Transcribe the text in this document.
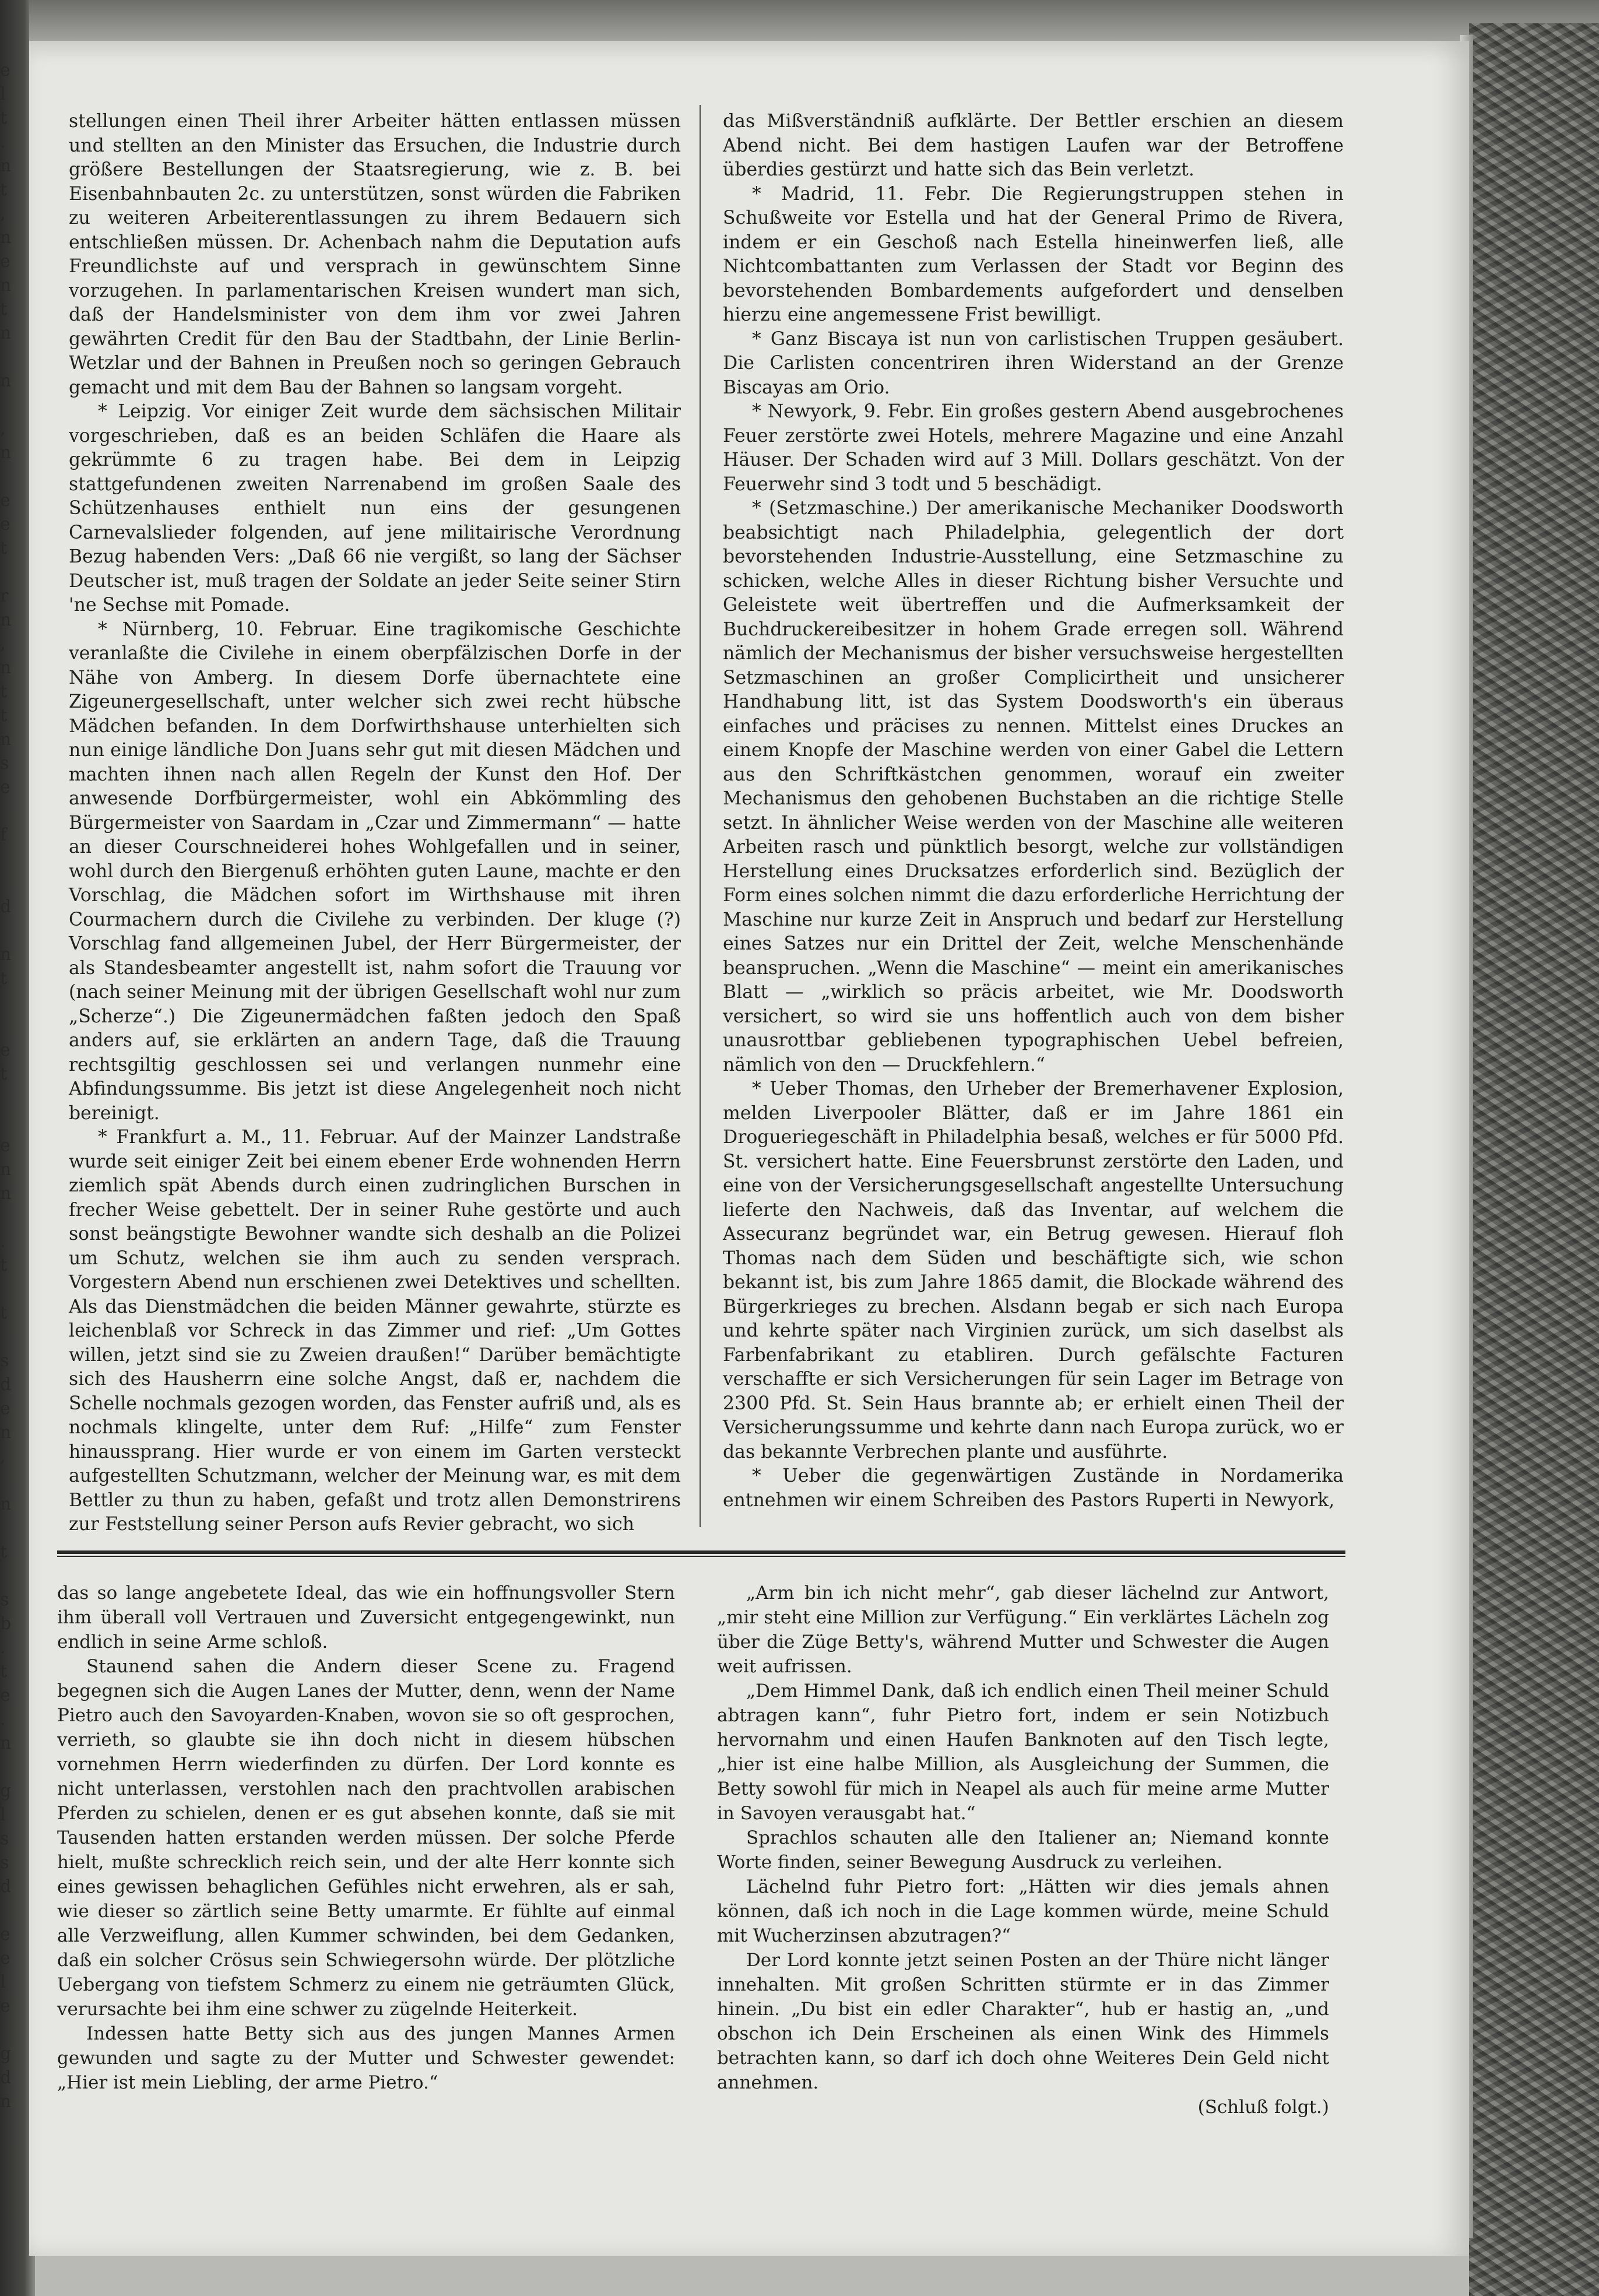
e
l
t
.
n
t
,
n
e
n
t
n

n

,
n

e
e
t

r
n
,
n
t
t
n
s
e

f

d

n
t

e
t

e
n
n

.
t

t

s
d
e
n
,

n

t

s
b
.
t
e
.
n

g
l
s
s
d

e
e
l
e

g
d
n

stellungen einen Theil ihrer Arbeiter hätten entlassen müssen und stellten an den Minister das Ersuchen, die Industrie durch größere Bestellungen der Staatsregierung, wie z. B. bei Eisenbahnbauten 2c. zu unterstützen, sonst würden die Fabriken zu weiteren Arbeiterentlassungen zu ihrem Bedauern sich entschließen müssen. Dr. Achenbach nahm die Deputation aufs Freundlichste auf und versprach in gewünschtem Sinne vorzugehen. In parlamentarischen Kreisen wundert man sich, daß der Handelsminister von dem ihm vor zwei Jahren gewährten Credit für den Bau der Stadtbahn, der Linie Berlin-Wetzlar und der Bahnen in Preußen noch so geringen Gebrauch gemacht und mit dem Bau der Bahnen so langsam vorgeht.

* Leipzig. Vor einiger Zeit wurde dem sächsischen Militair vorgeschrieben, daß es an beiden Schläfen die Haare als gekrümmte 6 zu tragen habe. Bei dem in Leipzig stattgefundenen zweiten Narrenabend im großen Saale des Schützenhauses enthielt nun eins der gesungenen Carnevalslieder folgenden, auf jene militairische Verordnung Bezug habenden Vers: „Daß 66 nie vergißt, so lang der Sächser Deutscher ist, muß tragen der Soldate an jeder Seite seiner Stirn 'ne Sechse mit Pomade.

* Nürnberg, 10. Februar. Eine tragikomische Geschichte veranlaßte die Civilehe in einem oberpfälzischen Dorfe in der Nähe von Amberg. In diesem Dorfe übernachtete eine Zigeunergesellschaft, unter welcher sich zwei recht hübsche Mädchen befanden. In dem Dorfwirthshause unterhielten sich nun einige ländliche Don Juans sehr gut mit diesen Mädchen und machten ihnen nach allen Regeln der Kunst den Hof. Der anwesende Dorfbürgermeister, wohl ein Abkömmling des Bürgermeister von Saardam in „Czar und Zimmermann“ — hatte an dieser Courschneiderei hohes Wohlgefallen und in seiner, wohl durch den Biergenuß erhöhten guten Laune, machte er den Vorschlag, die Mädchen sofort im Wirthshause mit ihren Courmachern durch die Civilehe zu verbinden. Der kluge (?) Vorschlag fand allgemeinen Jubel, der Herr Bürgermeister, der als Standesbeamter angestellt ist, nahm sofort die Trauung vor (nach seiner Meinung mit der übrigen Gesellschaft wohl nur zum „Scherze“.) Die Zigeunermädchen faßten jedoch den Spaß anders auf, sie erklärten an andern Tage, daß die Trauung rechtsgiltig geschlossen sei und verlangen nunmehr eine Abfindungssumme. Bis jetzt ist diese Angelegenheit noch nicht bereinigt.

* Frankfurt a. M., 11. Februar. Auf der Mainzer Landstraße wurde seit einiger Zeit bei einem ebener Erde wohnenden Herrn ziemlich spät Abends durch einen zudringlichen Burschen in frecher Weise gebettelt. Der in seiner Ruhe gestörte und auch sonst beängstigte Bewohner wandte sich deshalb an die Polizei um Schutz, welchen sie ihm auch zu senden versprach. Vorgestern Abend nun erschienen zwei Detektives und schellten. Als das Dienstmädchen die beiden Männer gewahrte, stürzte es leichenblaß vor Schreck in das Zimmer und rief: „Um Gottes willen, jetzt sind sie zu Zweien draußen!“ Darüber bemächtigte sich des Hausherrn eine solche Angst, daß er, nachdem die Schelle nochmals gezogen worden, das Fenster aufriß und, als es nochmals klingelte, unter dem Ruf: „Hilfe“ zum Fenster hinaussprang. Hier wurde er von einem im Garten versteckt aufgestellten Schutzmann, welcher der Meinung war, es mit dem Bettler zu thun zu haben, gefaßt und trotz allen Demonstrirens zur Feststellung seiner Person aufs Revier gebracht, wo sich

das Mißverständniß aufklärte. Der Bettler erschien an diesem Abend nicht. Bei dem hastigen Laufen war der Betroffene überdies gestürzt und hatte sich das Bein verletzt.

* Madrid, 11. Febr. Die Regierungstruppen stehen in Schußweite vor Estella und hat der General Primo de Rivera, indem er ein Geschoß nach Estella hineinwerfen ließ, alle Nichtcombattanten zum Verlassen der Stadt vor Beginn des bevorstehenden Bombardements aufgefordert und denselben hierzu eine angemessene Frist bewilligt.

* Ganz Biscaya ist nun von carlistischen Truppen gesäubert. Die Carlisten concentriren ihren Widerstand an der Grenze Biscayas am Orio.

* Newyork, 9. Febr. Ein großes gestern Abend ausgebrochenes Feuer zerstörte zwei Hotels, mehrere Magazine und eine Anzahl Häuser. Der Schaden wird auf 3 Mill. Dollars geschätzt. Von der Feuerwehr sind 3 todt und 5 beschädigt.

* (Setzmaschine.) Der amerikanische Mechaniker Doodsworth beabsichtigt nach Philadelphia, gelegentlich der dort bevorstehenden Industrie-Ausstellung, eine Setzmaschine zu schicken, welche Alles in dieser Richtung bisher Versuchte und Geleistete weit übertreffen und die Aufmerksamkeit der Buchdruckereibesitzer in hohem Grade erregen soll. Während nämlich der Mechanismus der bisher versuchsweise hergestellten Setzmaschinen an großer Complicirtheit und unsicherer Handhabung litt, ist das System Doodsworth's ein überaus einfaches und präcises zu nennen. Mittelst eines Druckes an einem Knopfe der Maschine werden von einer Gabel die Lettern aus den Schriftkästchen genommen, worauf ein zweiter Mechanismus den gehobenen Buchstaben an die richtige Stelle setzt. In ähnlicher Weise werden von der Maschine alle weiteren Arbeiten rasch und pünktlich besorgt, welche zur vollständigen Herstellung eines Drucksatzes erforderlich sind. Bezüglich der Form eines solchen nimmt die dazu erforderliche Herrichtung der Maschine nur kurze Zeit in Anspruch und bedarf zur Herstellung eines Satzes nur ein Drittel der Zeit, welche Menschenhände beanspruchen. „Wenn die Maschine“ — meint ein amerikanisches Blatt — „wirklich so präcis arbeitet, wie Mr. Doodsworth versichert, so wird sie uns hoffentlich auch von dem bisher unausrottbar gebliebenen typographischen Uebel befreien, nämlich von den — Druckfehlern.“

* Ueber Thomas, den Urheber der Bremerhavener Explosion, melden Liverpooler Blätter, daß er im Jahre 1861 ein Drogueriegeschäft in Philadelphia besaß, welches er für 5000 Pfd. St. versichert hatte. Eine Feuersbrunst zerstörte den Laden, und eine von der Versicherungsgesellschaft angestellte Untersuchung lieferte den Nachweis, daß das Inventar, auf welchem die Assecuranz begründet war, ein Betrug gewesen. Hierauf floh Thomas nach dem Süden und beschäftigte sich, wie schon bekannt ist, bis zum Jahre 1865 damit, die Blockade während des Bürgerkrieges zu brechen. Alsdann begab er sich nach Europa und kehrte später nach Virginien zurück, um sich daselbst als Farbenfabrikant zu etabliren. Durch gefälschte Facturen verschaffte er sich Versicherungen für sein Lager im Betrage von 2300 Pfd. St. Sein Haus brannte ab; er erhielt einen Theil der Versicherungssumme und kehrte dann nach Europa zurück, wo er das bekannte Verbrechen plante und ausführte.

* Ueber die gegenwärtigen Zustände in Nordamerika entnehmen wir einem Schreiben des Pastors Ruperti in Newyork,

das so lange angebetete Ideal, das wie ein hoffnungsvoller Stern ihm überall voll Vertrauen und Zuversicht entgegengewinkt, nun endlich in seine Arme schloß.

Staunend sahen die Andern dieser Scene zu. Fragend begegnen sich die Augen Lanes der Mutter, denn, wenn der Name Pietro auch den Savoyarden-Knaben, wovon sie so oft gesprochen, verrieth, so glaubte sie ihn doch nicht in diesem hübschen vornehmen Herrn wiederfinden zu dürfen. Der Lord konnte es nicht unterlassen, verstohlen nach den prachtvollen arabischen Pferden zu schielen, denen er es gut absehen konnte, daß sie mit Tausenden hatten erstanden werden müssen. Der solche Pferde hielt, mußte schrecklich reich sein, und der alte Herr konnte sich eines gewissen behaglichen Gefühles nicht erwehren, als er sah, wie dieser so zärtlich seine Betty umarmte. Er fühlte auf einmal alle Verzweiflung, allen Kummer schwinden, bei dem Gedanken, daß ein solcher Crösus sein Schwiegersohn würde. Der plötzliche Uebergang von tiefstem Schmerz zu einem nie geträumten Glück, verursachte bei ihm eine schwer zu zügelnde Heiterkeit.

Indessen hatte Betty sich aus des jungen Mannes Armen gewunden und sagte zu der Mutter und Schwester gewendet: „Hier ist mein Liebling, der arme Pietro.“

„Arm bin ich nicht mehr“, gab dieser lächelnd zur Antwort, „mir steht eine Million zur Verfügung.“ Ein verklärtes Lächeln zog über die Züge Betty's, während Mutter und Schwester die Augen weit aufrissen.

„Dem Himmel Dank, daß ich endlich einen Theil meiner Schuld abtragen kann“, fuhr Pietro fort, indem er sein Notizbuch hervornahm und einen Haufen Banknoten auf den Tisch legte, „hier ist eine halbe Million, als Ausgleichung der Summen, die Betty sowohl für mich in Neapel als auch für meine arme Mutter in Savoyen verausgabt hat.“

Sprachlos schauten alle den Italiener an; Niemand konnte Worte finden, seiner Bewegung Ausdruck zu verleihen.

Lächelnd fuhr Pietro fort: „Hätten wir dies jemals ahnen können, daß ich noch in die Lage kommen würde, meine Schuld mit Wucherzinsen abzutragen?“

Der Lord konnte jetzt seinen Posten an der Thüre nicht länger innehalten. Mit großen Schritten stürmte er in das Zimmer hinein. „Du bist ein edler Charakter“, hub er hastig an, „und obschon ich Dein Erscheinen als einen Wink des Himmels betrachten kann, so darf ich doch ohne Weiteres Dein Geld nicht annehmen.

(Schluß folgt.)
